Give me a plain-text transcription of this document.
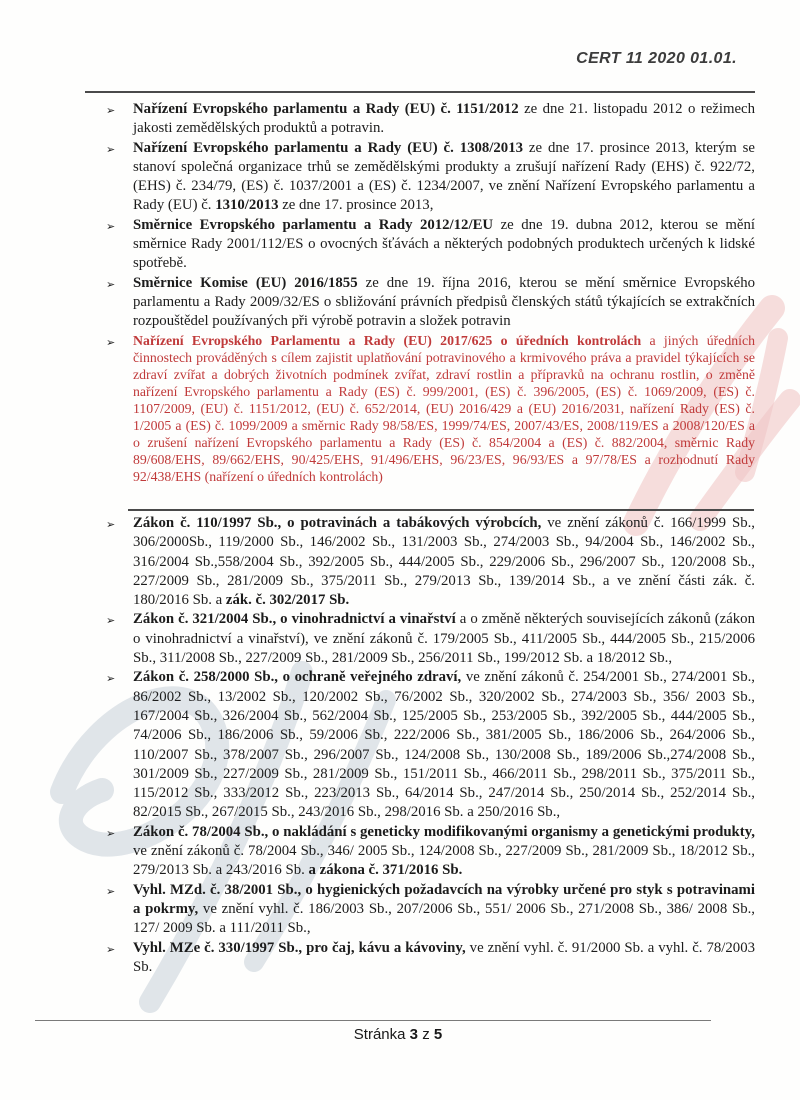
CERT 11 2020 01.01.
➢	Nařízení Evropského parlamentu a Rady (EU) č. 1151/2012 ze dne 21. listopadu 2012 o režimech jakosti zemědělských produktů a potravin.
➢	Nařízení Evropského parlamentu a Rady (EU) č. 1308/2013 ze dne 17. prosince 2013, kterým se stanoví společná organizace trhů se zemědělskými produkty a zrušují nařízení Rady (EHS) č. 922/72, (EHS) č. 234/79, (ES) č. 1037/2001 a (ES) č. 1234/2007, ve znění Nařízení Evropského parlamentu a Rady (EU) č. 1310/2013 ze dne 17. prosince 2013,
➢	Směrnice Evropského parlamentu a Rady 2012/12/EU ze dne 19. dubna 2012, kterou se mění směrnice Rady 2001/112/ES o ovocných šťávách a některých podobných produktech určených k lidské spotřebě.
➢	Směrnice Komise (EU) 2016/1855 ze dne 19. října 2016, kterou se mění směrnice Evropského parlamentu a Rady 2009/32/ES o sbližování právních předpisů členských států týkajících se extrakčních rozpouštědel používaných při výrobě potravin a složek potravin
➢	Nařízení Evropského Parlamentu a Rady (EU) 2017/625 o úředních kontrolách a jiných úředních činnostech prováděných s cílem zajistit uplatňování potravinového a krmivového práva a pravidel týkajících se zdraví zvířat a dobrých životních podmínek zvířat, zdraví rostlin a přípravků na ochranu rostlin, o změně nařízení Evropského parlamentu a Rady (ES) č. 999/2001, (ES) č. 396/2005, (ES) č. 1069/2009, (ES) č. 1107/2009, (EU) č. 1151/2012, (EU) č. 652/2014, (EU) 2016/429 a (EU) 2016/2031, nařízení Rady (ES) č. 1/2005 a (ES) č. 1099/2009 a směrnic Rady 98/58/ES, 1999/74/ES, 2007/43/ES, 2008/119/ES a 2008/120/ES a o zrušení nařízení Evropského parlamentu a Rady (ES) č. 854/2004 a (ES) č. 882/2004, směrnic Rady 89/608/EHS, 89/662/EHS, 90/425/EHS, 91/496/EHS, 96/23/ES, 96/93/ES a 97/78/ES a rozhodnutí Rady 92/438/EHS (nařízení o úředních kontrolách)
➢	Zákon č. 110/1997 Sb., o potravinách a tabákových výrobcích, ve znění zákonů č. 166/1999 Sb., 306/2000Sb., 119/2000 Sb., 146/2002 Sb., 131/2003 Sb., 274/2003 Sb., 94/2004 Sb., 146/2002 Sb., 316/2004 Sb.,558/2004 Sb., 392/2005 Sb., 444/2005 Sb., 229/2006 Sb., 296/2007 Sb., 120/2008 Sb., 227/2009 Sb., 281/2009 Sb., 375/2011 Sb., 279/2013 Sb., 139/2014 Sb., a ve znění části zák. č. 180/2016 Sb. a zák. č. 302/2017 Sb.
➢	Zákon č. 321/2004 Sb., o vinohradnictví a vinařství a o změně některých souvisejících zákonů (zákon o vinohradnictví a vinařství), ve znění zákonů č. 179/2005 Sb., 411/2005 Sb., 444/2005 Sb., 215/2006 Sb., 311/2008 Sb., 227/2009 Sb., 281/2009 Sb., 256/2011 Sb., 199/2012 Sb. a 18/2012 Sb.,
➢	Zákon č. 258/2000 Sb., o ochraně veřejného zdraví, ve znění zákonů č. 254/2001 Sb., 274/2001 Sb., 86/2002 Sb., 13/2002 Sb., 120/2002 Sb., 76/2002 Sb., 320/2002 Sb., 274/2003 Sb., 356/ 2003 Sb., 167/2004 Sb., 326/2004 Sb., 562/2004 Sb., 125/2005 Sb., 253/2005 Sb., 392/2005 Sb., 444/2005 Sb., 74/2006 Sb., 186/2006 Sb., 59/2006 Sb., 222/2006 Sb., 381/2005 Sb., 186/2006 Sb., 264/2006 Sb., 110/2007 Sb., 378/2007 Sb., 296/2007 Sb., 124/2008 Sb., 130/2008 Sb., 189/2006 Sb.,274/2008 Sb., 301/2009 Sb., 227/2009 Sb., 281/2009 Sb., 151/2011 Sb., 466/2011 Sb., 298/2011 Sb., 375/2011 Sb., 115/2012 Sb., 333/2012 Sb., 223/2013 Sb., 64/2014 Sb., 247/2014 Sb., 250/2014 Sb., 252/2014 Sb., 82/2015 Sb., 267/2015 Sb., 243/2016 Sb., 298/2016 Sb. a 250/2016 Sb.,
➢	Zákon č. 78/2004 Sb., o nakládání s geneticky modifikovanými organismy a genetickými produkty, ve znění zákonů č. 78/2004 Sb., 346/ 2005 Sb., 124/2008 Sb., 227/2009 Sb., 281/2009 Sb., 18/2012 Sb., 279/2013 Sb. a 243/2016 Sb. a zákona č. 371/2016 Sb.
➢	Vyhl. MZd. č. 38/2001 Sb., o hygienických požadavcích na výrobky určené pro styk s potravinami a pokrmy, ve znění vyhl. č. 186/2003 Sb., 207/2006 Sb., 551/ 2006 Sb., 271/2008 Sb., 386/ 2008 Sb., 127/ 2009 Sb. a 111/2011 Sb.,
➢	Vyhl. MZe č. 330/1997 Sb., pro čaj, kávu a kávoviny, ve znění vyhl. č. 91/2000 Sb. a vyhl. č. 78/2003 Sb.
Stránka 3 z 5
